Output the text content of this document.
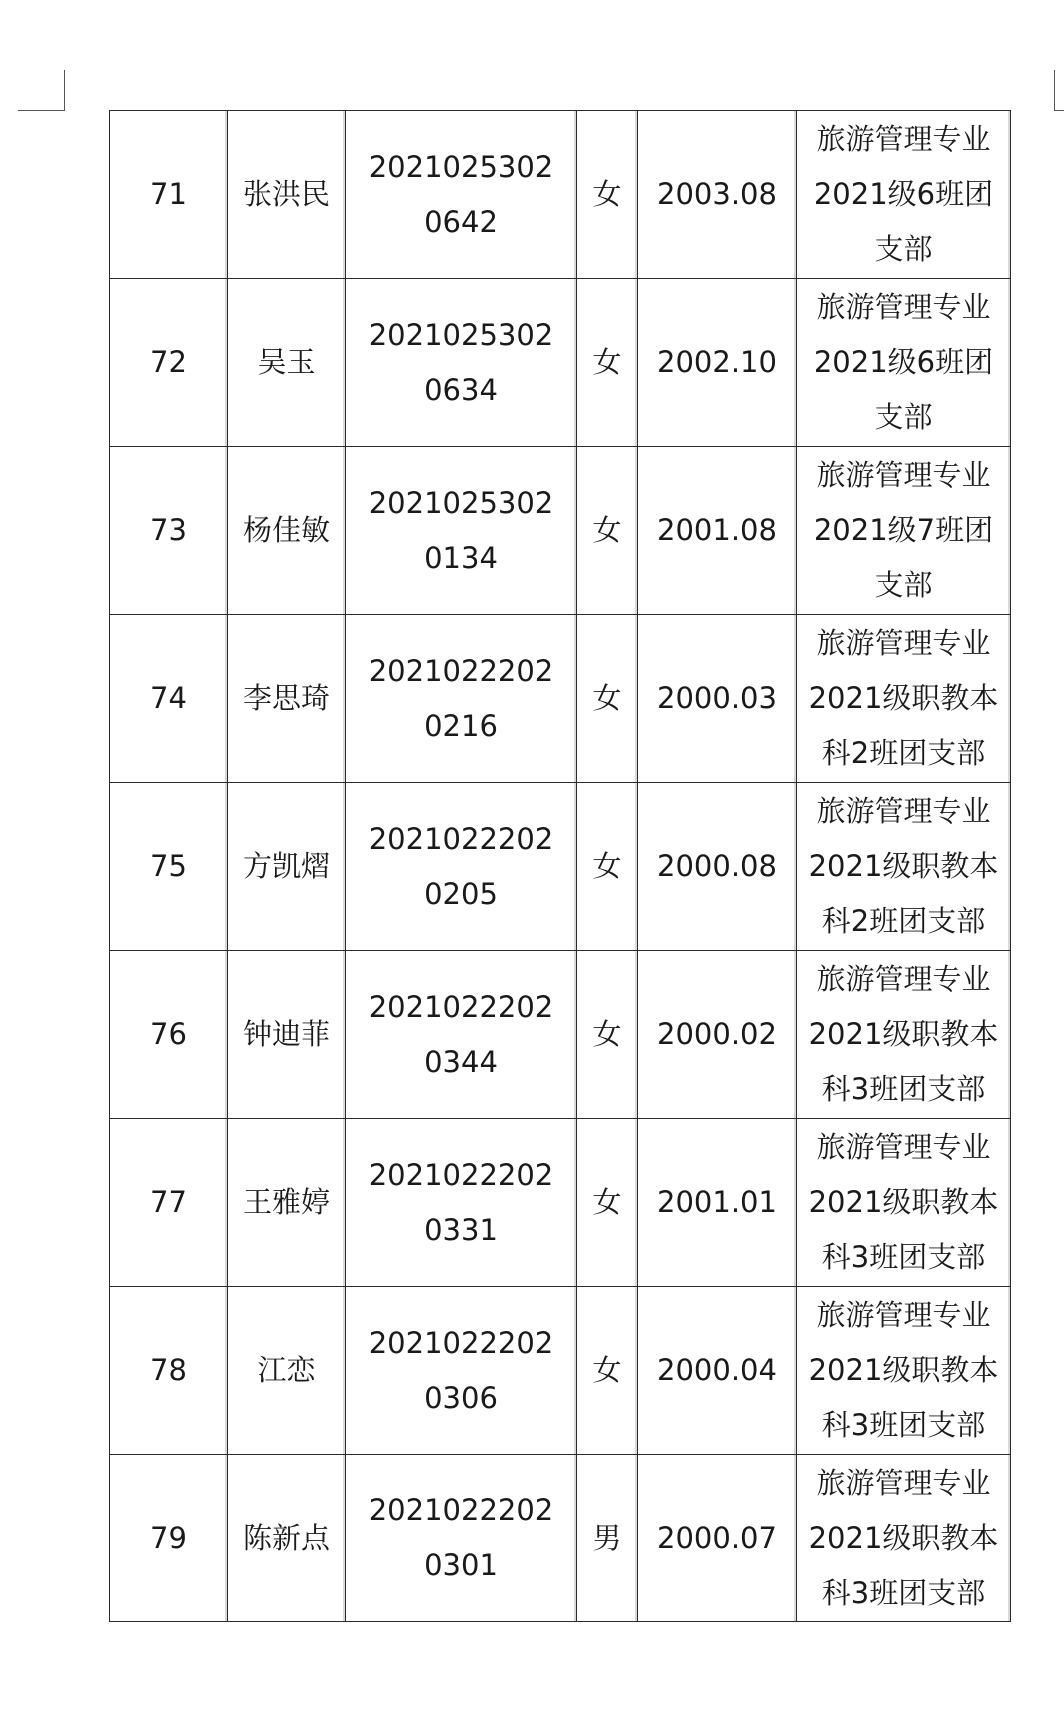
71	张洪民	20210253020642	女	2003.08	旅游管理专业2021级6班团支部
72	吴玉	20210253020634	女	2002.10	旅游管理专业2021级6班团支部
73	杨佳敏	20210253020134	女	2001.08	旅游管理专业2021级7班团支部
74	李思琦	20210222020216	女	2000.03	旅游管理专业2021级职教本科2班团支部
75	方凯熠	20210222020205	女	2000.08	旅游管理专业2021级职教本科2班团支部
76	钟迪菲	20210222020344	女	2000.02	旅游管理专业2021级职教本科3班团支部
77	王雅婷	20210222020331	女	2001.01	旅游管理专业2021级职教本科3班团支部
78	江恋	20210222020306	女	2000.04	旅游管理专业2021级职教本科3班团支部
79	陈新点	20210222020301	男	2000.07	旅游管理专业2021级职教本科3班团支部
